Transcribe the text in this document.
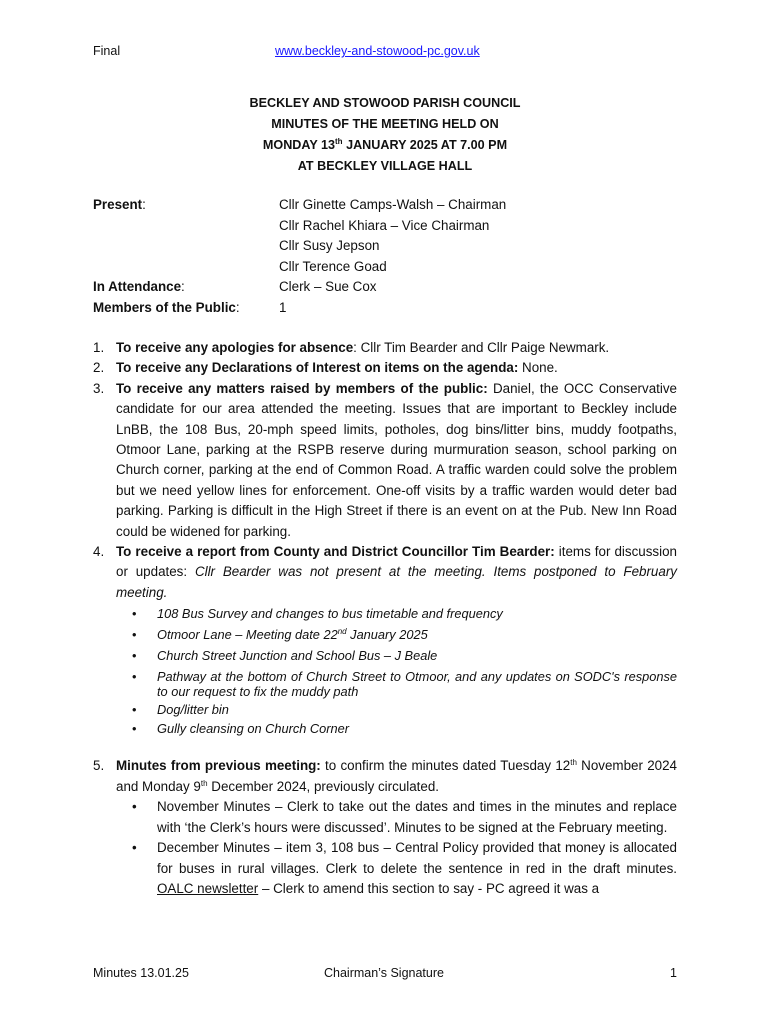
Final	www.beckley-and-stowood-pc.gov.uk
BECKLEY AND STOWOOD PARISH COUNCIL
MINUTES OF THE MEETING HELD ON
MONDAY 13th JANUARY 2025 AT 7.00 PM
AT BECKLEY VILLAGE HALL
Present:	Cllr Ginette Camps-Walsh – Chairman
Cllr Rachel Khiara – Vice Chairman
Cllr Susy Jepson
Cllr Terence Goad
In Attendance:	Clerk – Sue Cox
Members of the Public:	1
1. To receive any apologies for absence: Cllr Tim Bearder and Cllr Paige Newmark.
2. To receive any Declarations of Interest on items on the agenda: None.
3. To receive any matters raised by members of the public: Daniel, the OCC Conservative candidate for our area attended the meeting. Issues that are important to Beckley include LnBB, the 108 Bus, 20-mph speed limits, potholes, dog bins/litter bins, muddy footpaths, Otmoor Lane, parking at the RSPB reserve during murmuration season, school parking on Church corner, parking at the end of Common Road. A traffic warden could solve the problem but we need yellow lines for enforcement. One-off visits by a traffic warden would deter bad parking. Parking is difficult in the High Street if there is an event on at the Pub. New Inn Road could be widened for parking.
4. To receive a report from County and District Councillor Tim Bearder: items for discussion or updates: Cllr Bearder was not present at the meeting. Items postponed to February meeting.
• 108 Bus Survey and changes to bus timetable and frequency
• Otmoor Lane – Meeting date 22nd January 2025
• Church Street Junction and School Bus – J Beale
• Pathway at the bottom of Church Street to Otmoor, and any updates on SODC's response to our request to fix the muddy path
• Dog/litter bin
• Gully cleansing on Church Corner
5. Minutes from previous meeting: to confirm the minutes dated Tuesday 12th November 2024 and Monday 9th December 2024, previously circulated.
• November Minutes – Clerk to take out the dates and times in the minutes and replace with ‘the Clerk’s hours were discussed’. Minutes to be signed at the February meeting.
• December Minutes – item 3, 108 bus – Central Policy provided that money is allocated for buses in rural villages. Clerk to delete the sentence in red in the draft minutes. OALC newsletter – Clerk to amend this section to say - PC agreed it was a
Minutes 13.01.25	Chairman’s Signature	1
